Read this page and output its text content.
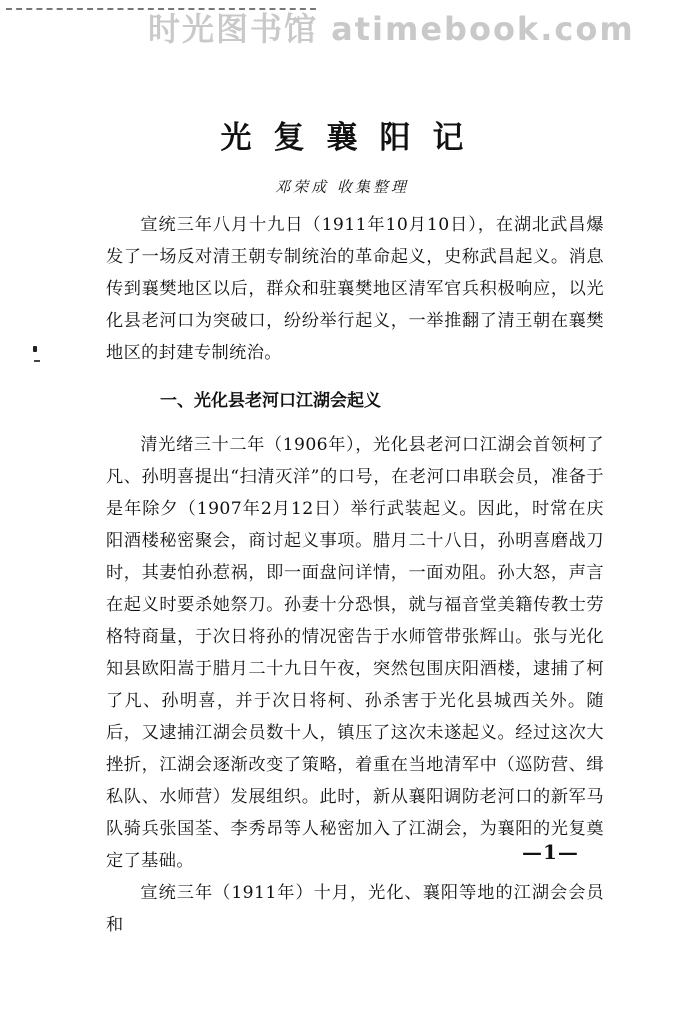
时光图书馆 atimebook.com
光复襄阳记
邓荣成 收集整理

宣统三年八月十九日（1911年10月10日），在湖北武昌爆发了一场反对清王朝专制统治的革命起义，史称武昌起义。消息传到襄樊地区以后，群众和驻襄樊地区清军官兵积极响应，以光化县老河口为突破口，纷纷举行起义，一举推翻了清王朝在襄樊地区的封建专制统治。

一、光化县老河口江湖会起义

清光绪三十二年（1906年），光化县老河口江湖会首领柯了凡、孙明喜提出“扫清灭洋”的口号，在老河口串联会员，准备于是年除夕（1907年2月12日）举行武装起义。因此，时常在庆阳酒楼秘密聚会，商讨起义事项。腊月二十八日，孙明喜磨战刀时，其妻怕孙惹祸，即一面盘问详情，一面劝阻。孙大怒，声言在起义时要杀她祭刀。孙妻十分恐惧，就与福音堂美籍传教士劳格特商量，于次日将孙的情况密告于水师管带张辉山。张与光化知县欧阳嵩于腊月二十九日午夜，突然包围庆阳酒楼，逮捕了柯了凡、孙明喜，并于次日将柯、孙杀害于光化县城西关外。随后，又逮捕江湖会员数十人，镇压了这次未遂起义。经过这次大挫折，江湖会逐渐改变了策略，着重在当地清军中（巡防营、缉私队、水师营）发展组织。此时，新从襄阳调防老河口的新军马队骑兵张国荃、李秀昂等人秘密加入了江湖会，为襄阳的光复奠定了基础。

宣统三年（1911年）十月，光化、襄阳等地的江湖会会员和

—1—
